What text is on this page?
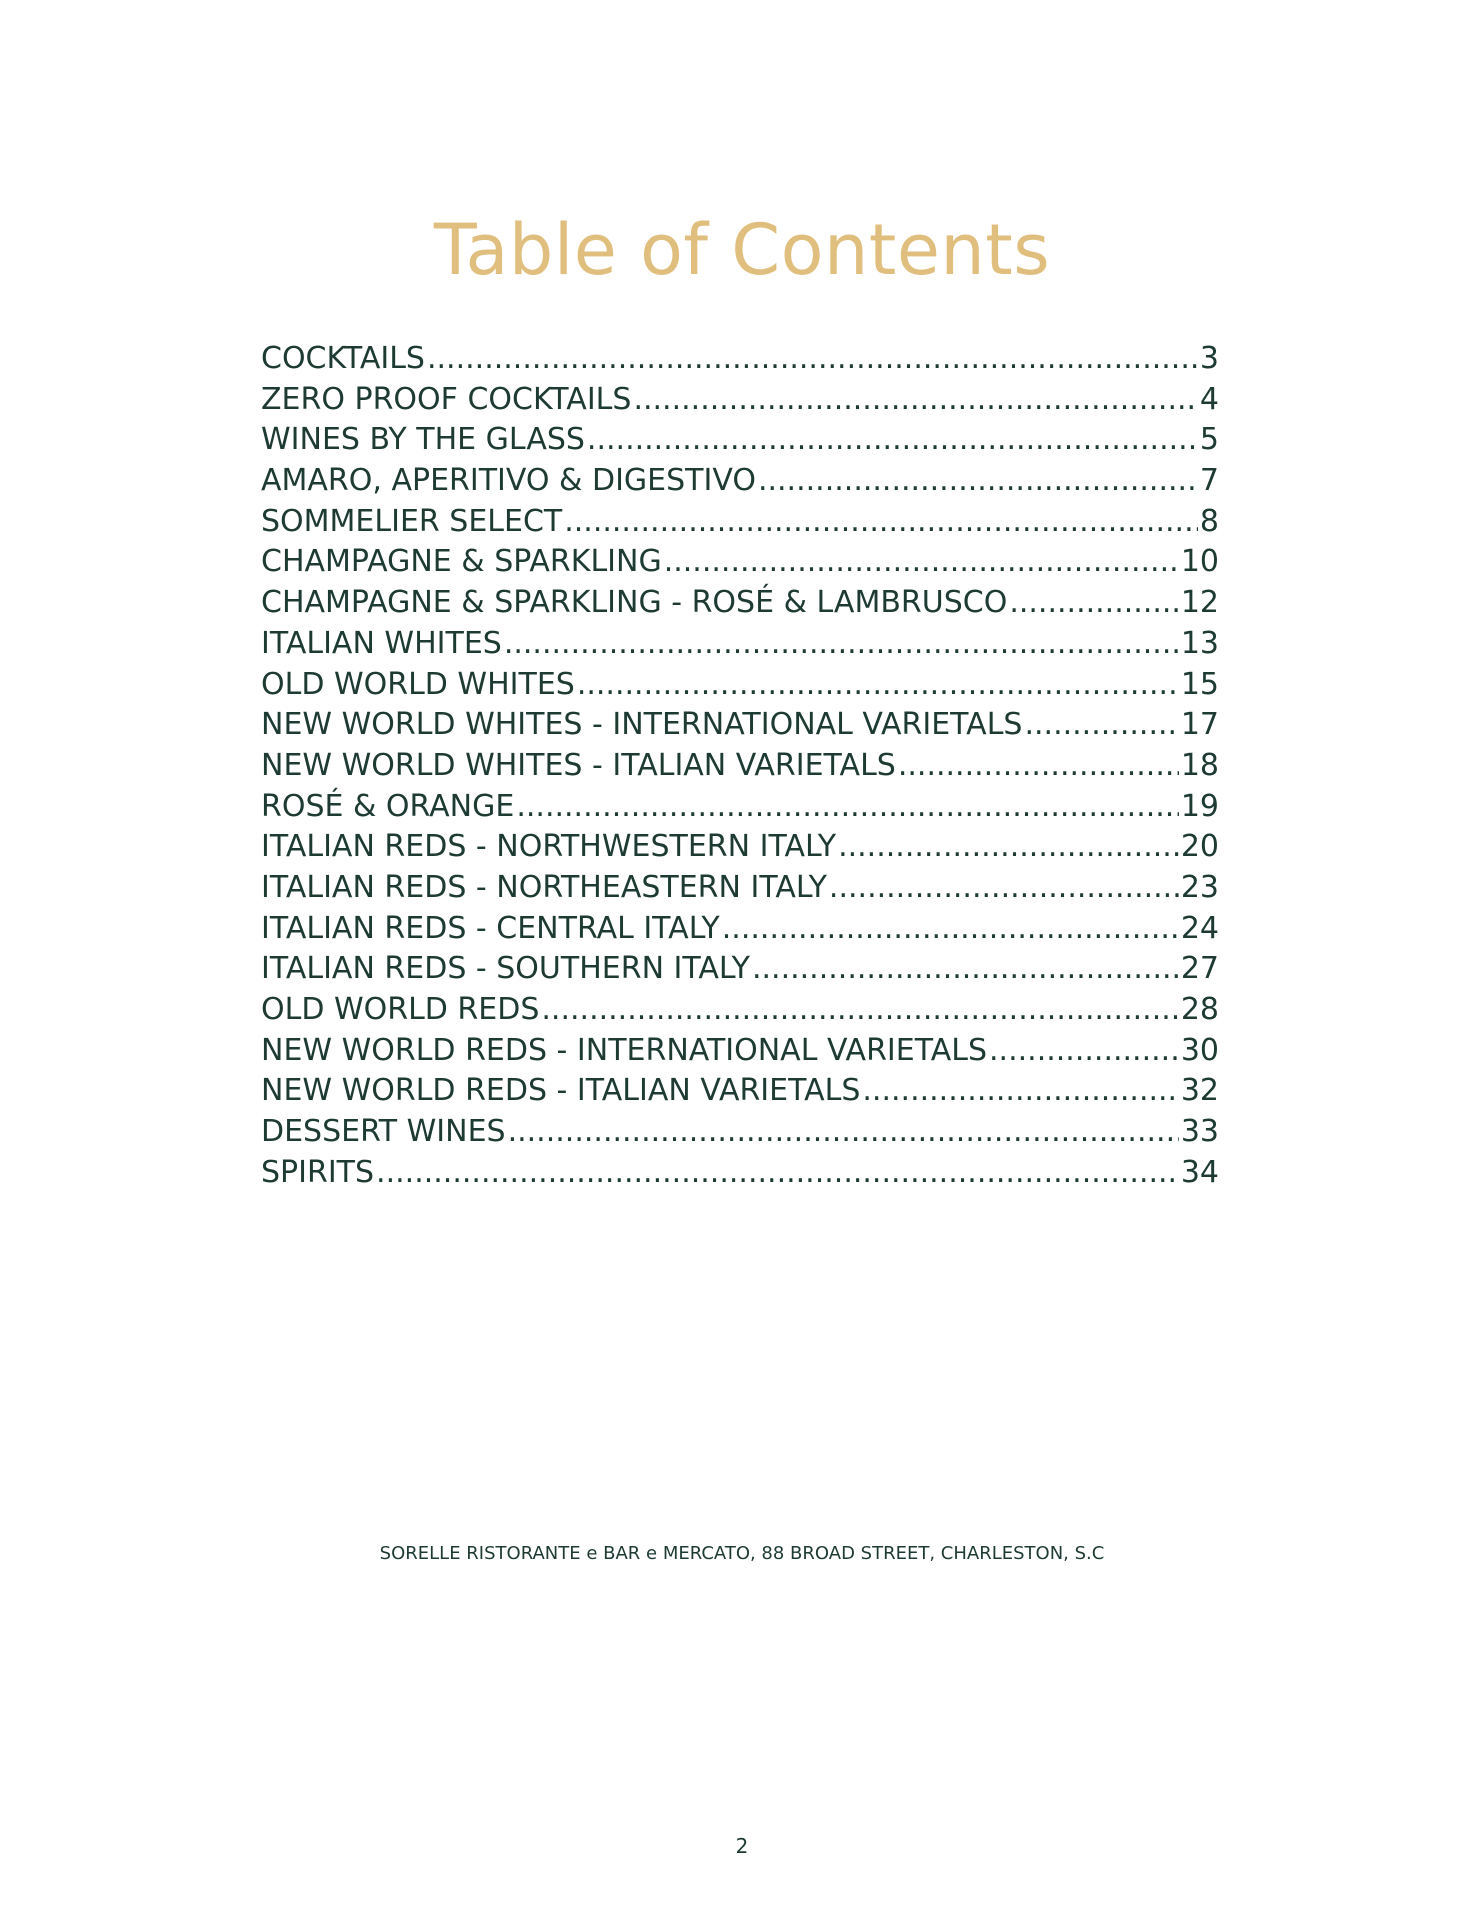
Table of Contents
COCKTAILS .....	3
ZERO PROOF COCKTAILS .....	4
WINES BY THE GLASS .....	5
AMARO, APERITIVO & DIGESTIVO .....	7
SOMMELIER SELECT .....	8
CHAMPAGNE & SPARKLING .....	10
CHAMPAGNE & SPARKLING - ROSÉ & LAMBRUSCO .....	12
ITALIAN WHITES .....	13
OLD WORLD WHITES .....	15
NEW WORLD WHITES - INTERNATIONAL VARIETALS .....	17
NEW WORLD WHITES - ITALIAN VARIETALS .....	18
ROSÉ & ORANGE .....	19
ITALIAN REDS - NORTHWESTERN ITALY .....	20
ITALIAN REDS - NORTHEASTERN ITALY .....	23
ITALIAN REDS - CENTRAL ITALY .....	24
ITALIAN REDS - SOUTHERN ITALY .....	27
OLD WORLD REDS .....	28
NEW WORLD REDS - INTERNATIONAL VARIETALS .....	30
NEW WORLD REDS - ITALIAN VARIETALS .....	32
DESSERT WINES .....	33
SPIRITS .....	34
SORELLE RISTORANTE e BAR e MERCATO, 88 BROAD STREET, CHARLESTON, S.C
2
